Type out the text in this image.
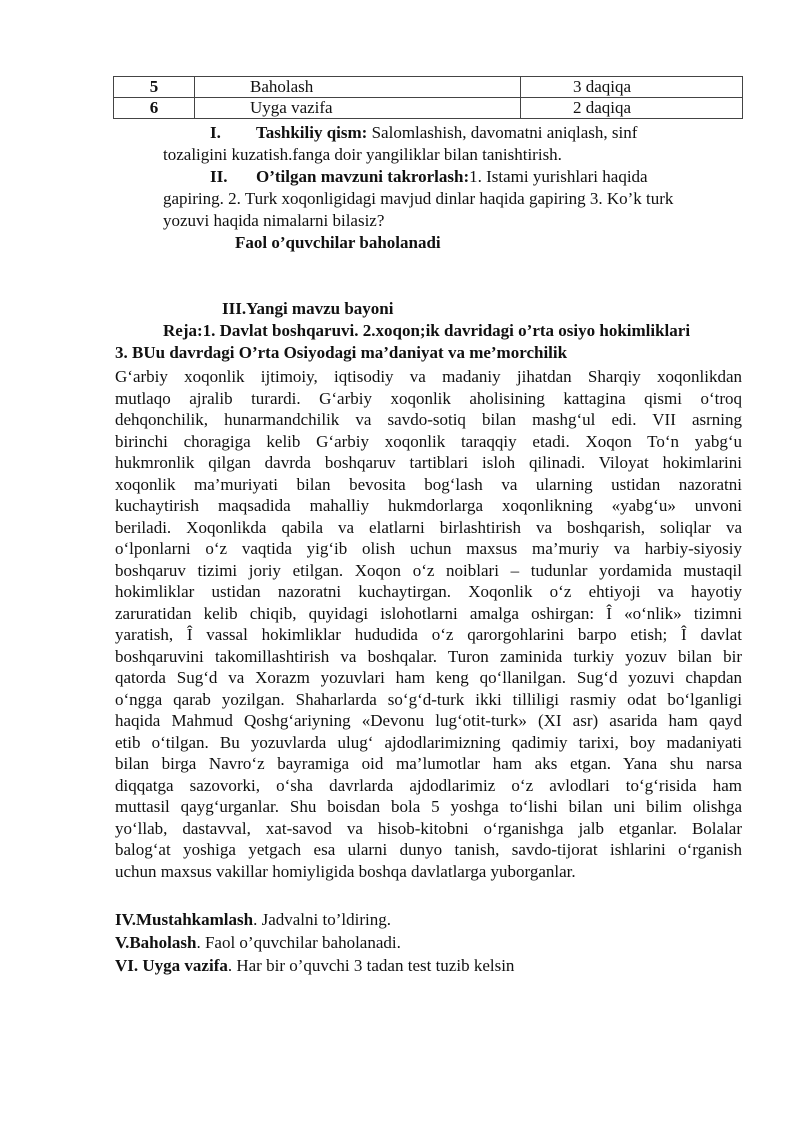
5	Baholash	3 daqiqa
6	Uyga vazifa	2 daqiqa
I. Tashkiliy qism: Salomlashish, davomatni aniqlash, sinf
tozaligini kuzatish.fanga doir yangiliklar bilan tanishtirish.
II. O’tilgan mavzuni takrorlash:1. Istami yurishlari haqida
gapiring. 2. Turk xoqonligidagi mavjud dinlar haqida gapiring 3. Ko’k turk
yozuvi haqida nimalarni bilasiz?
Faol o’quvchilar baholanadi
III.Yangi mavzu bayoni
Reja:1. Davlat boshqaruvi. 2.xoqon;ik davridagi o’rta osiyo hokimliklari
3. BUu davrdagi O’rta Osiyodagi ma’daniyat va me’morchilik
G‘arbiy xoqonlik ijtimoiy, iqtisodiy va madaniy jihatdan Sharqiy xoqonlikdan
mutlaqo ajralib turardi. G‘arbiy xoqonlik aholisining kattagina qismi o‘troq
dehqonchilik, hunarmandchilik va savdo-sotiq bilan mashg‘ul edi. VII asrning
birinchi choragiga kelib G‘arbiy xoqonlik taraqqiy etadi. Xoqon To‘n yabg‘u
hukmronlik qilgan davrda boshqaruv tartiblari isloh qilinadi. Viloyat hokimlarini
xoqonlik ma’muriyati bilan bevosita bog‘lash va ularning ustidan nazoratni
kuchaytirish maqsadida mahalliy hukmdorlarga xoqonlikning «yabg‘u» unvoni
beriladi. Xoqonlikda qabila va elatlarni birlashtirish va boshqarish, soliqlar va
o‘lponlarni o‘z vaqtida yig‘ib olish uchun maxsus ma’muriy va harbiy-siyosiy
boshqaruv tizimi joriy etilgan. Xoqon o‘z noiblari – tudunlar yordamida mustaqil
hokimliklar ustidan nazoratni kuchaytirgan. Xoqonlik o‘z ehtiyoji va hayotiy
zaruratidan kelib chiqib, quyidagi islohotlarni amalga oshirgan: Î «o‘nlik» tizimni
yaratish, Î vassal hokimliklar hududida o‘z qarorgohlarini barpo etish; Î davlat
boshqaruvini takomillashtirish va boshqalar. Turon zaminida turkiy yozuv bilan bir
qatorda Sug‘d va Xorazm yozuvlari ham keng qo‘llanilgan. Sug‘d yozuvi chapdan
o‘ngga qarab yozilgan. Shaharlarda so‘g‘d-turk ikki tilliligi rasmiy odat bo‘lganligi
haqida Mahmud Qoshg‘ariyning «Devonu lug‘otit-turk» (XI asr) asarida ham qayd
etib o‘tilgan. Bu yozuvlarda ulug‘ ajdodlarimizning qadimiy tarixi, boy madaniyati
bilan birga Navro‘z bayramiga oid ma’lumotlar ham aks etgan. Yana shu narsa
diqqatga sazovorki, o‘sha davrlarda ajdodlarimiz o‘z avlodlari to‘g‘risida ham
muttasil qayg‘urganlar. Shu boisdan bola 5 yoshga to‘lishi bilan uni bilim olishga
yo‘llab, dastavval, xat-savod va hisob-kitobni o‘rganishga jalb etganlar. Bolalar
balog‘at yoshiga yetgach esa ularni dunyo tanish, savdo-tijorat ishlarini o‘rganish
uchun maxsus vakillar homiyligida boshqa davlatlarga yuborganlar.
IV.Mustahkamlash. Jadvalni to’ldiring.
V.Baholash. Faol o’quvchilar baholanadi.
VI. Uyga vazifa. Har bir o’quvchi 3 tadan test tuzib kelsin
